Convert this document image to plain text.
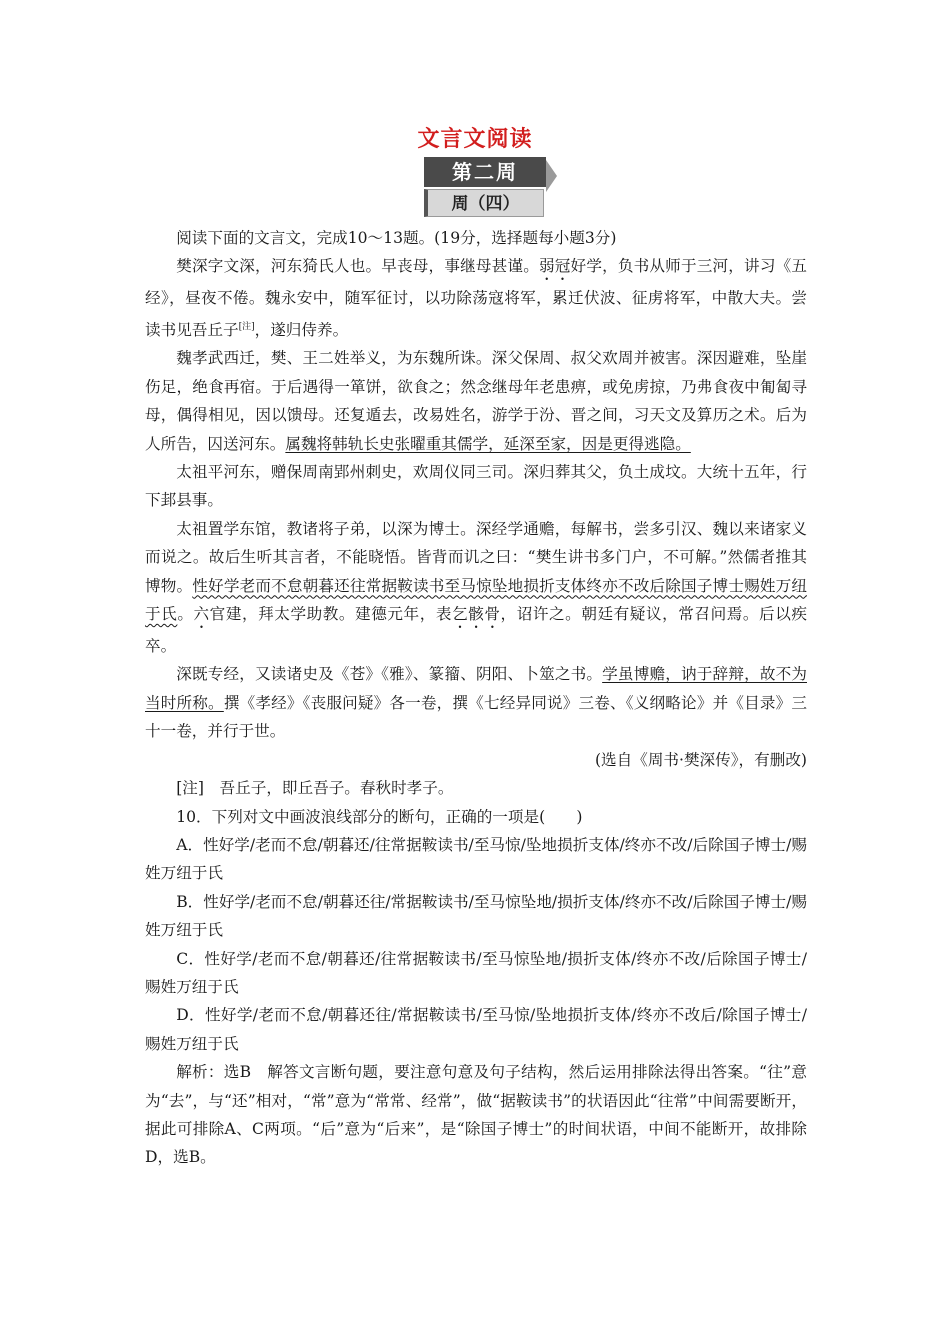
文言文阅读
第二周
周（四）

阅读下面的文言文，完成10～13题。(19分，选择题每小题3分)

樊深字文深，河东猗氏人也。早丧母，事继母甚谨。弱冠好学，负书从师于三河，讲习《五经》，昼夜不倦。魏永安中，随军征讨，以功除荡寇将军，累迁伏波、征虏将军，中散大夫。尝读书见吾丘子[注]，遂归侍养。

魏孝武西迁，樊、王二姓举义，为东魏所诛。深父保周、叔父欢周并被害。深因避难，坠崖伤足，绝食再宿。于后遇得一箪饼，欲食之；然念继母年老患痹，或免虏掠，乃弗食夜中匍匐寻母，偶得相见，因以馈母。还复遁去，改易姓名，游学于汾、晋之间，习天文及算历之术。后为人所告，囚送河东。属魏将韩轨长史张曜重其儒学，延深至家，因是更得逃隐。

太祖平河东，赠保周南郢州刺史，欢周仪同三司。深归葬其父，负土成坟。大统十五年，行下邽县事。

太祖置学东馆，教诸将子弟，以深为博士。深经学通赡，每解书，尝多引汉、魏以来诸家义而说之。故后生听其言者，不能晓悟。皆背而讥之曰：“樊生讲书多门户，不可解。”然儒者推其博物。性好学老而不怠朝暮还往常据鞍读书至马惊坠地损折支体终亦不改后除国子博士赐姓万纽于氏。六官建，拜太学助教。建德元年，表乞骸骨，诏许之。朝廷有疑议，常召问焉。后以疾卒。

深既专经，又读诸史及《苍》《雅》、篆籀、阴阳、卜筮之书。学虽博赡，讷于辞辩，故不为当时所称。撰《孝经》《丧服问疑》各一卷，撰《七经异同说》三卷、《义纲略论》并《目录》三十一卷，并行于世。

(选自《周书·樊深传》，有删改)

[注]　吾丘子，即丘吾子。春秋时孝子。

10．下列对文中画波浪线部分的断句，正确的一项是(　　)

A．性好学/老而不怠/朝暮还/往常据鞍读书/至马惊/坠地损折支体/终亦不改/后除国子博士/赐姓万纽于氏

B．性好学/老而不怠/朝暮还往/常据鞍读书/至马惊坠地/损折支体/终亦不改/后除国子博士/赐姓万纽于氏

C．性好学/老而不怠/朝暮还/往常据鞍读书/至马惊坠地/损折支体/终亦不改/后除国子博士/赐姓万纽于氏

D．性好学/老而不怠/朝暮还往/常据鞍读书/至马惊/坠地损折支体/终亦不改后/除国子博士/赐姓万纽于氏

解析：选B　解答文言断句题，要注意句意及句子结构，然后运用排除法得出答案。“往”意为“去”，与“还”相对，“常”意为“常常、经常”，做“据鞍读书”的状语因此“往常”中间需要断开，据此可排除A、C两项。“后”意为“后来”，是“除国子博士”的时间状语，中间不能断开，故排除D，选B。
